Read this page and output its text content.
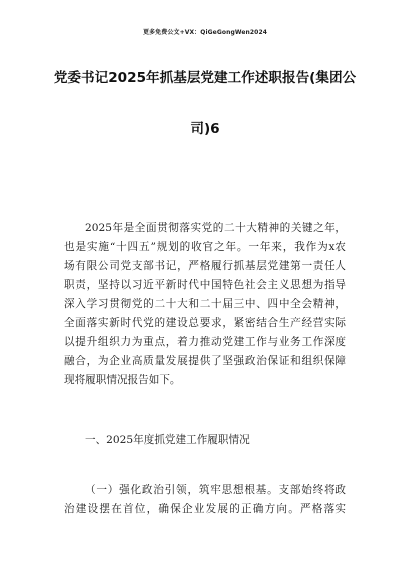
更多免费公文+VX：QiGeGongWen2024
党委书记2025年抓基层党建工作述职报告(集团公
司)6
2025年是全面贯彻落实党的二十大精神的关键之年，
也是实施“十四五”规划的收官之年。一年来，我作为x农
场有限公司党支部书记，严格履行抓基层党建第一责任人
职责，坚持以习近平新时代中国特色社会主义思想为指导
深入学习贯彻党的二十大和二十届三中、四中全会精神，
全面落实新时代党的建设总要求，紧密结合生产经营实际
以提升组织力为重点，着力推动党建工作与业务工作深度
融合，为企业高质量发展提供了坚强政治保证和组织保障
现将履职情况报告如下。
一、2025年度抓党建工作履职情况
（一）强化政治引领，筑牢思想根基。支部始终将政
治建设摆在首位，确保企业发展的正确方向。严格落实
